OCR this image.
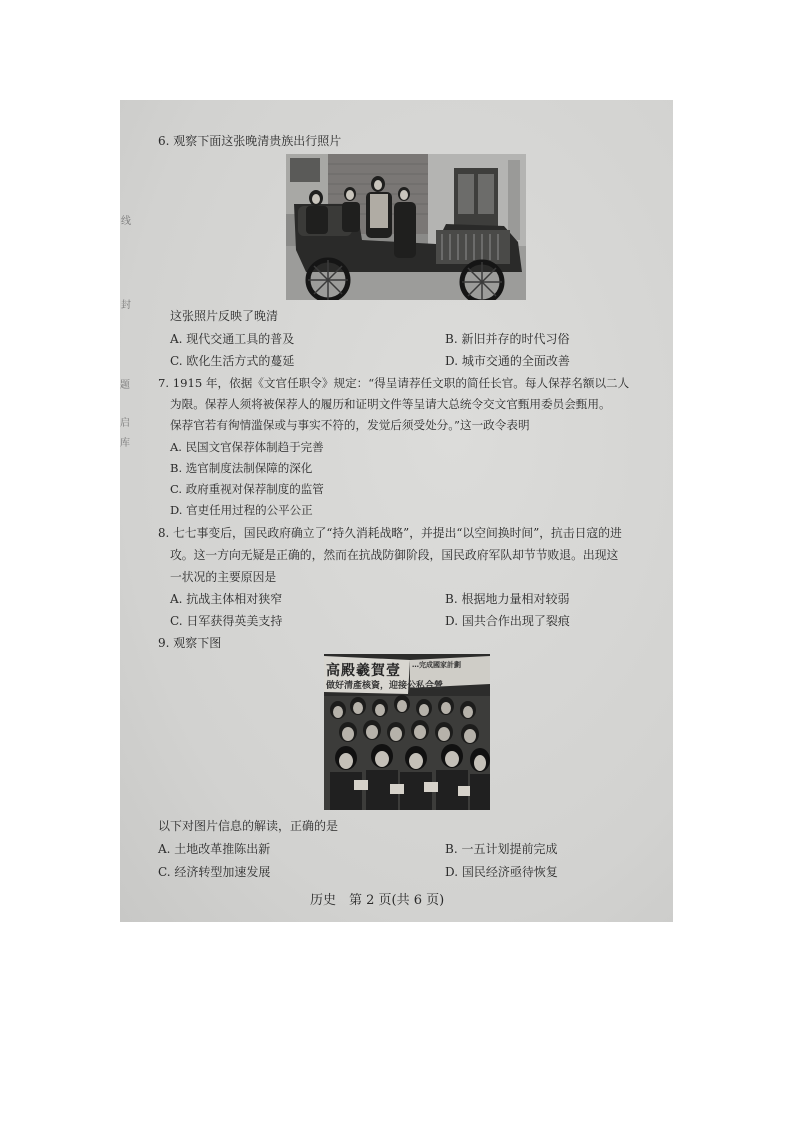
线
封
题
启
库
6. 观察下面这张晚清贵族出行照片
这张照片反映了晚清
A. 现代交通工具的普及	B. 新旧并存的时代习俗
C. 欧化生活方式的蔓延	D. 城市交通的全面改善
7. 1915 年，依据《文官任职令》规定：“得呈请荐任文职的简任长官。每人保荐名额以二人
为限。保荐人须将被保荐人的履历和证明文件等呈请大总统令交文官甄用委员会甄用。
保荐官若有徇情滥保或与事实不符的，发觉后须受处分。”这一政令表明
A. 民国文官保荐体制趋于完善
B. 选官制度法制保障的深化
C. 政府重视对保荐制度的监管
D. 官吏任用过程的公平公正
8. 七七事变后，国民政府确立了“持久消耗战略”，并提出“以空间换时间”，抗击日寇的进
攻。这一方向无疑是正确的，然而在抗战防御阶段，国民政府军队却节节败退。出现这
一状况的主要原因是
A. 抗战主体相对狭窄	B. 根据地力量相对较弱
C. 日军获得英美支持	D. 国共合作出现了裂痕
9. 观察下图
高殿羲賀壹	…完成國家計劃
做好清產核資，迎接公私合營
以下对图片信息的解读，正确的是
A. 土地改革推陈出新	B. 一五计划提前完成
C. 经济转型加速发展	D. 国民经济亟待恢复
历史　第 2 页(共 6 页)
